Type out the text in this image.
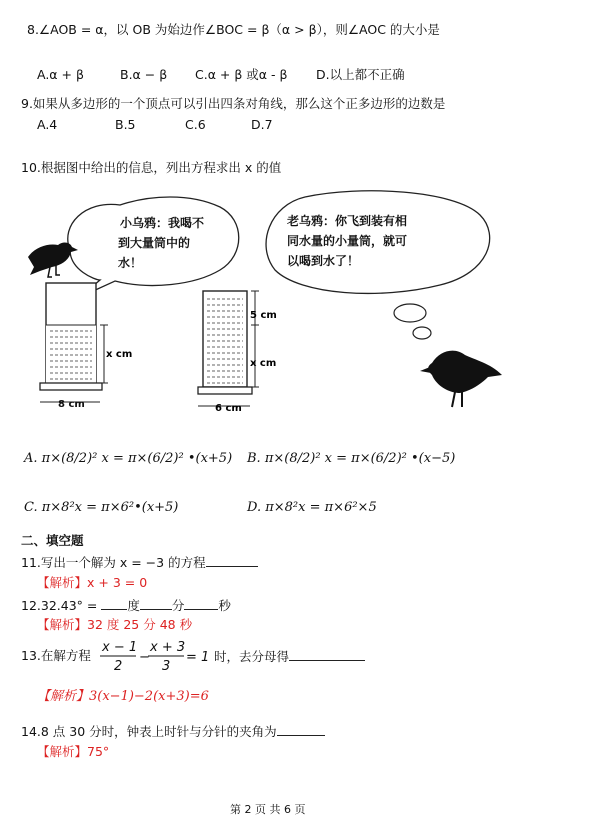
8.∠AOB = α，以 OB 为始边作∠BOC = β（α > β），则∠AOC 的大小是
A.α + β	B.α − β C.α + β 或α - β D.以上都不正确
9.如果从多边形的一个顶点可以引出四条对角线，那么这个正多边形的边数是
A.4	B.5	C.6	D.7
10.根据图中给出的信息，列出方程求出 x 的值
小乌鸦：我喝不 到大量筒中的 水！
老乌鸦：你飞到装有相 同水量的小量筒，就可 以喝到水了！
x cm
8 cm
5 cm
x cm
6 cm
A. π×(8/2)² x = π×(6/2)² •(x+5) B. π×(8/2)² x = π×(6/2)² •(x−5)
C. π×8²x = π×6²•(x+5)	D. π×8²x = π×6²×5
二、填空题
11.写出一个解为 x = −3 的方程
【解析】x + 3 = 0
12.32.43° = 度	分	秒
【解析】32 度 25 分 48 秒
13.在解方程
x − 1
2
−
x + 3
3
= 1 时，去分母得
【解析】3(x−1)−2(x+3)=6
14.8 点 30 分时，钟表上时针与分针的夹角为
【解析】75°
第 2 页 共 6 页
